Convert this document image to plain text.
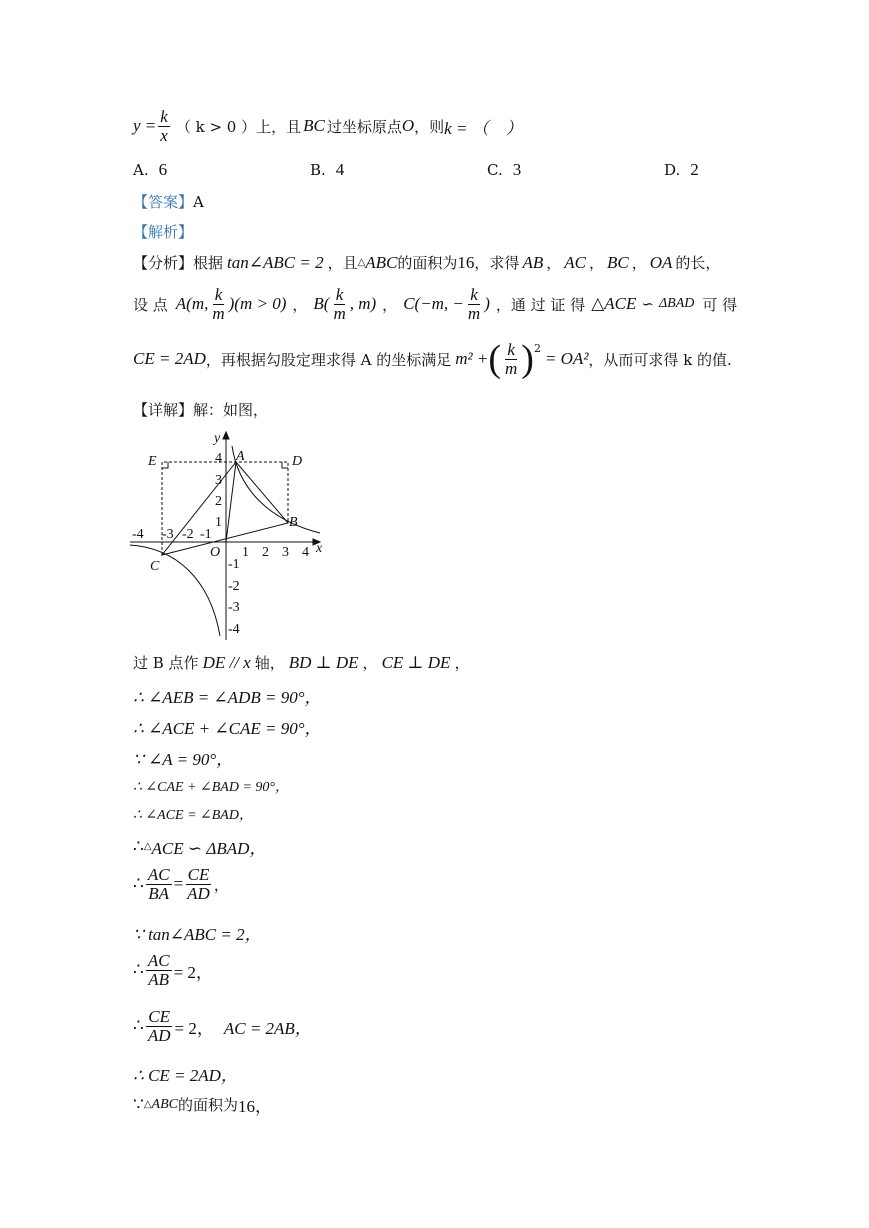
$y = \frac{k}{x}$ （ k > 0 ）上，且 BC 过坐标原点 O ，则 k = （　）
A. 6	B. 4	C. 3	D. 2
【答案】 A
【解析】
【分析】 根据 tan∠ABC = 2 ，且 △ ABC 的面积为 16 ，求得 AB ， AC ， BC ， OA 的长，
设 点 A(m, $\frac{k}{m} )(m > 0)$ ， $B( \frac{k}{m}$ , m) ， C(−m, − $\frac{k}{m}$ ) ，通 过 证 得 △ACE ∽ ΔBAD 可 得
CE = 2AD ，再根据勾股定理求得 A 的坐标满足 m² + ( $\frac{k}{m} )^2$
= OA² ，从而可求得 k 的值.
【详解】 解：如图，
y
x
O
A
B
C
D
E
1 2 3 4
-4 -3 -2 -1
1
2
3
4
-1
-2
-3
-4
过 B 点作 DE // x 轴， BD ⊥ DE ， CE ⊥ DE ，
∴ ∠AEB = ∠ADB = 90°，
∴ ∠ACE + ∠CAE = 90°，
∵ ∠A = 90°，
∴ ∠CAE + ∠BAD = 90°，
∴ ∠ACE = ∠BAD，
∴ △ ACE ∽ ΔBAD，
∴ $\frac{AC}{BA} = \frac{CE}{AD}$ ，
∵ tan∠ABC = 2，
∴ $\frac{AC}{AB} = 2$，
∴ $\frac{CE}{AD} = 2$， AC = 2AB，
∴ CE = 2AD，
∵ △ ABC 的面积为 16，
